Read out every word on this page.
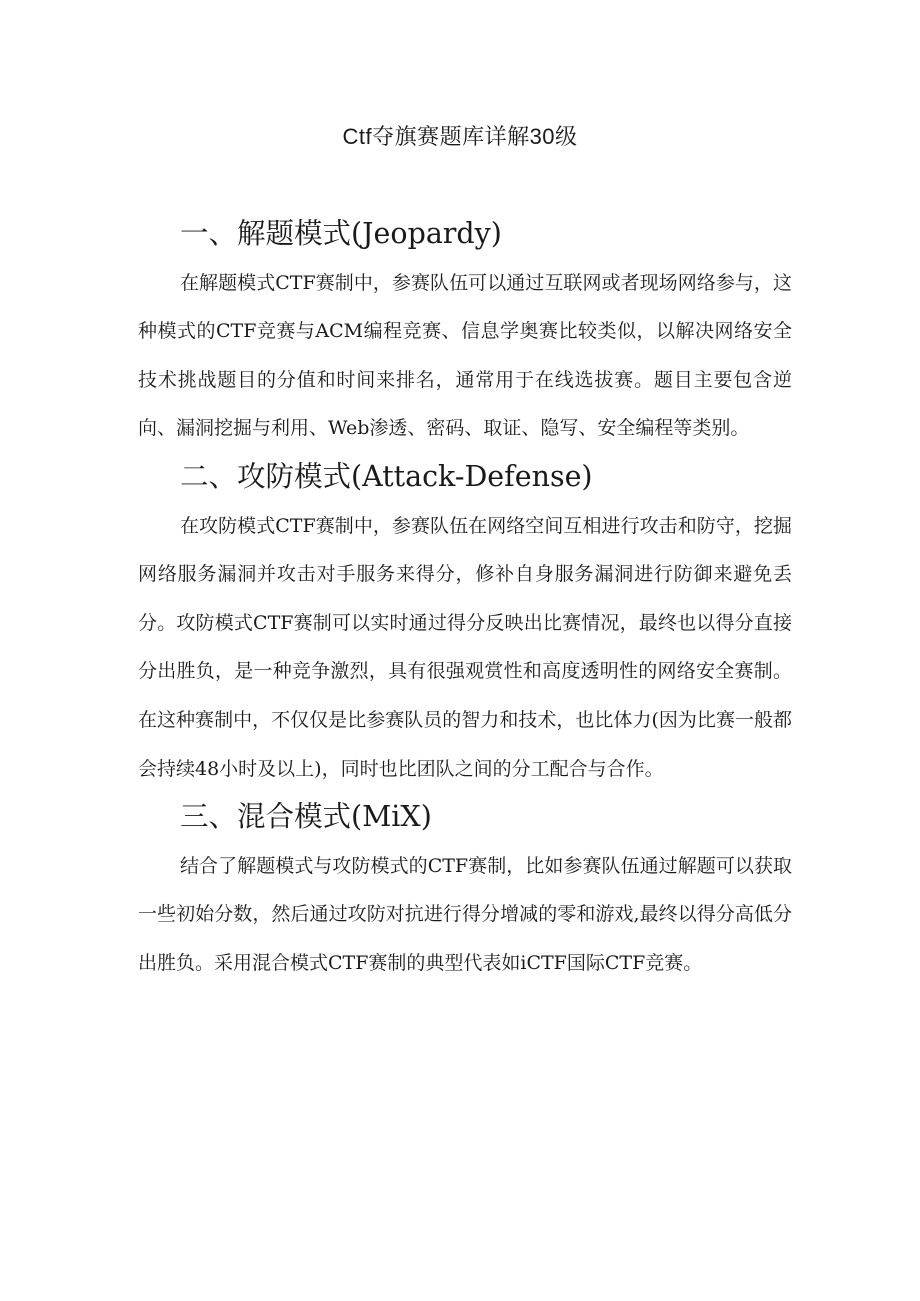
Ctf夺旗赛题库详解30级
一、解题模式(Jeopardy)

在解题模式CTF赛制中，参赛队伍可以通过互联网或者现场网络参与，这种模式的CTF竞赛与ACM编程竞赛、信息学奥赛比较类似，以解决网络安全技术挑战题目的分值和时间来排名，通常用于在线选拔赛。题目主要包含逆向、漏洞挖掘与利用、Web渗透、密码、取证、隐写、安全编程等类别。

二、攻防模式(Attack-Defense)

在攻防模式CTF赛制中，参赛队伍在网络空间互相进行攻击和防守，挖掘网络服务漏洞并攻击对手服务来得分，修补自身服务漏洞进行防御来避免丢分。攻防模式CTF赛制可以实时通过得分反映出比赛情况，最终也以得分直接分出胜负，是一种竞争激烈，具有很强观赏性和高度透明性的网络安全赛制。在这种赛制中，不仅仅是比参赛队员的智力和技术，也比体力(因为比赛一般都会持续48小时及以上)，同时也比团队之间的分工配合与合作。

三、混合模式(MiX)

结合了解题模式与攻防模式的CTF赛制，比如参赛队伍通过解题可以获取一些初始分数，然后通过攻防对抗进行得分增减的零和游戏,最终以得分高低分出胜负。采用混合模式CTF赛制的典型代表如iCTF国际CTF竞赛。
